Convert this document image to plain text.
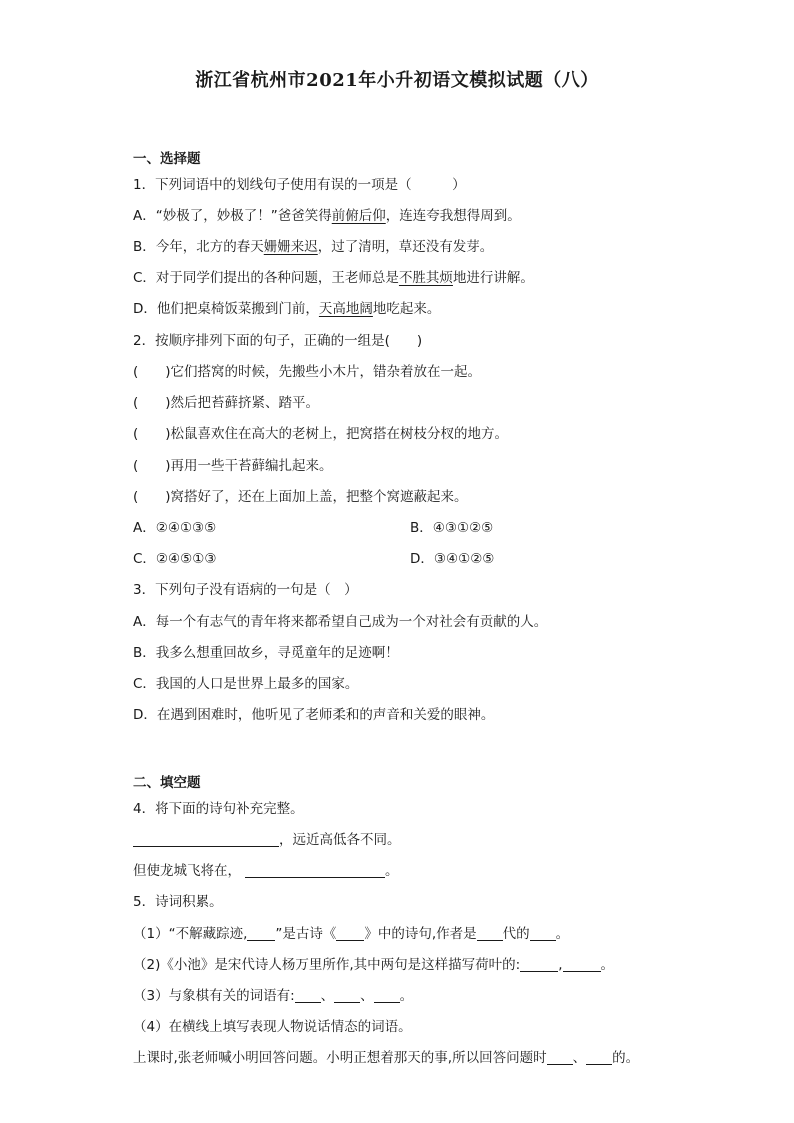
浙江省杭州市2021年小升初语文模拟试题（八）
一、选择题
1．下列词语中的划线句子使用有误的一项是（　　　）
A．“妙极了，妙极了！”爸爸笑得前俯后仰，连连夸我想得周到。
B．今年，北方的春天姗姗来迟，过了清明，草还没有发芽。
C．对于同学们提出的各种问题，王老师总是不胜其烦地进行讲解。
D．他们把桌椅饭菜搬到门前，天高地阔地吃起来。
2．按顺序排列下面的句子，正确的一组是(　　)
(　　)它们搭窝的时候，先搬些小木片，错杂着放在一起。
(　　)然后把苔藓挤紧、踏平。
(　　)松鼠喜欢住在高大的老树上，把窝搭在树枝分杈的地方。
(　　)再用一些干苔藓编扎起来。
(　　)窝搭好了，还在上面加上盖，把整个窝遮蔽起来。
A．②④①③⑤	B．④③①②⑤
C．②④⑤①③	D．③④①②⑤
3．下列句子没有语病的一句是（　）
A．每一个有志气的青年将来都希望自己成为一个对社会有贡献的人。
B．我多么想重回故乡，寻觅童年的足迹啊！
C．我国的人口是世界上最多的国家。
D．在遇到困难时，他听见了老师柔和的声音和关爱的眼神。
二、填空题
4．将下面的诗句补充完整。
，远近高低各不同。
但使龙城飞将在，	。
5．诗词积累。
（1）“不解藏踪迹, ”是古诗《 》中的诗句,作者是 代的 。
（2)《小池》是宋代诗人杨万里所作,其中两句是这样描写荷叶的:	,	。
（3）与象棋有关的词语有: 、 、 。
（4）在横线上填写表现人物说话情态的词语。
上课时,张老师喊小明回答问题。小明正想着那天的事,所以回答问题时 、 的。
